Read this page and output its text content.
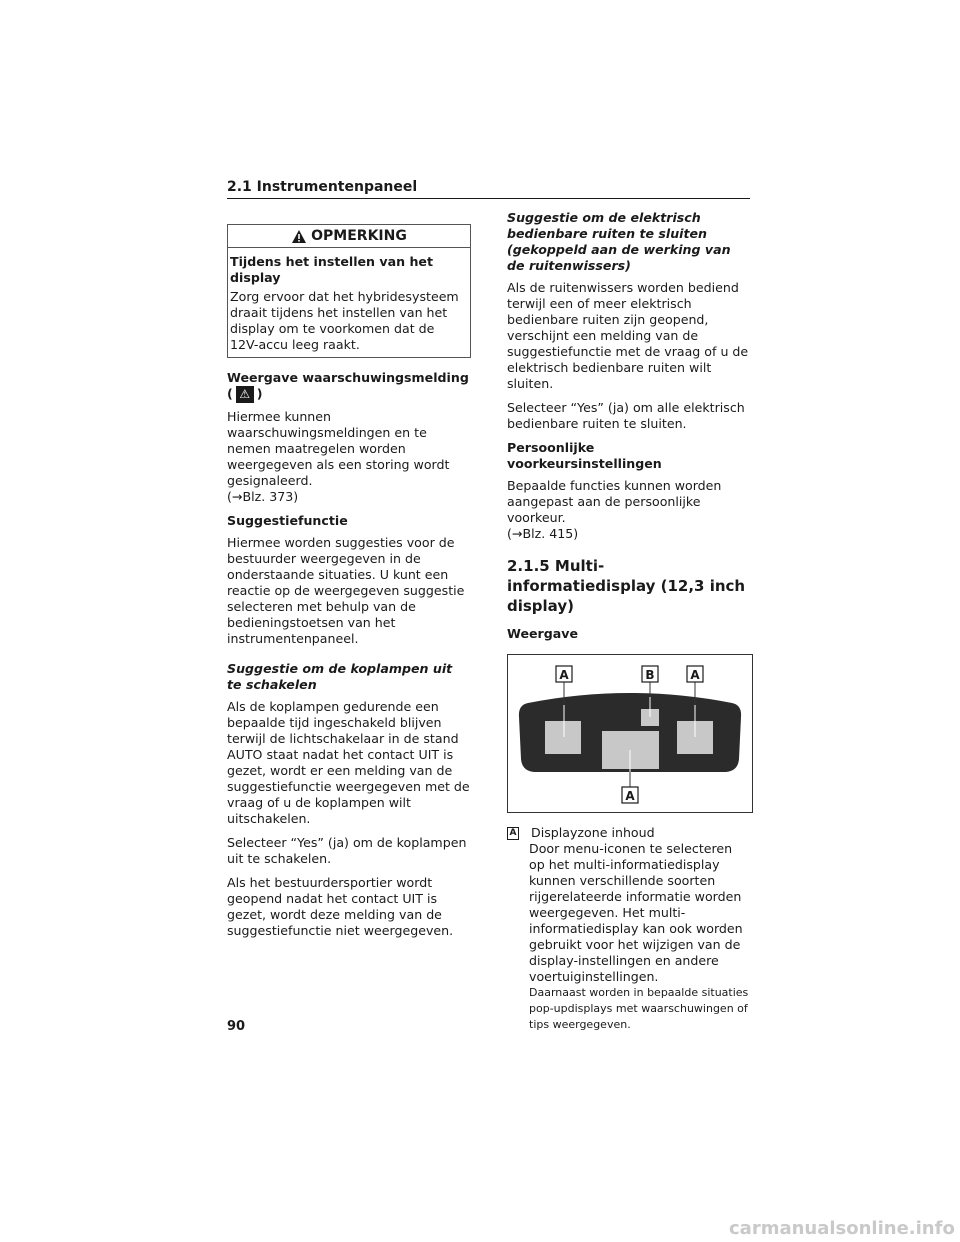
2.1 Instrumentenpaneel
OPMERKING
Tijdens het instellen van het display
Zorg ervoor dat het hybridesysteem draait tijdens het instellen van het display om te voorkomen dat de 12V-accu leeg raakt.
Weergave waarschuwingsmelding
( ⚠ )
Hiermee kunnen waarschuwingsmeldingen en te nemen maatregelen worden weergegeven als een storing wordt gesignaleerd.
(→Blz. 373)
Suggestiefunctie
Hiermee worden suggesties voor de bestuurder weergegeven in de onderstaande situaties. U kunt een reactie op de weergegeven suggestie selecteren met behulp van de bedieningstoetsen van het instrumentenpaneel.
Suggestie om de koplampen uit te schakelen
Als de koplampen gedurende een bepaalde tijd ingeschakeld blijven terwijl de lichtschakelaar in de stand AUTO staat nadat het contact UIT is gezet, wordt er een melding van de suggestiefunctie weergegeven met de vraag of u de koplampen wilt uitschakelen.
Selecteer “Yes” (ja) om de koplampen uit te schakelen.
Als het bestuurdersportier wordt geopend nadat het contact UIT is gezet, wordt deze melding van de suggestiefunctie niet weergegeven.
Suggestie om de elektrisch bedienbare ruiten te sluiten (gekoppeld aan de werking van de ruitenwissers)
Als de ruitenwissers worden bediend terwijl een of meer elektrisch bedienbare ruiten zijn geopend, verschijnt een melding van de suggestiefunctie met de vraag of u de elektrisch bedienbare ruiten wilt sluiten.
Selecteer “Yes” (ja) om alle elektrisch bedienbare ruiten te sluiten.
Persoonlijke voorkeursinstellingen
Bepaalde functies kunnen worden aangepast aan de persoonlijke voorkeur.
(→Blz. 415)
2.1.5 Multi-informatiedisplay (12,3 inch display)
Weergave
A	B	A
A
A	Displayzone inhoud
Door menu-iconen te selecteren op het multi-informatiedisplay kunnen verschillende soorten rijgerelateerde informatie worden weergegeven. Het multi-informatiedisplay kan ook worden gebruikt voor het wijzigen van de display-instellingen en andere voertuiginstellingen.
Daarnaast worden in bepaalde situaties pop-updisplays met waarschuwingen of tips weergegeven.
90
carmanualsonline.info
